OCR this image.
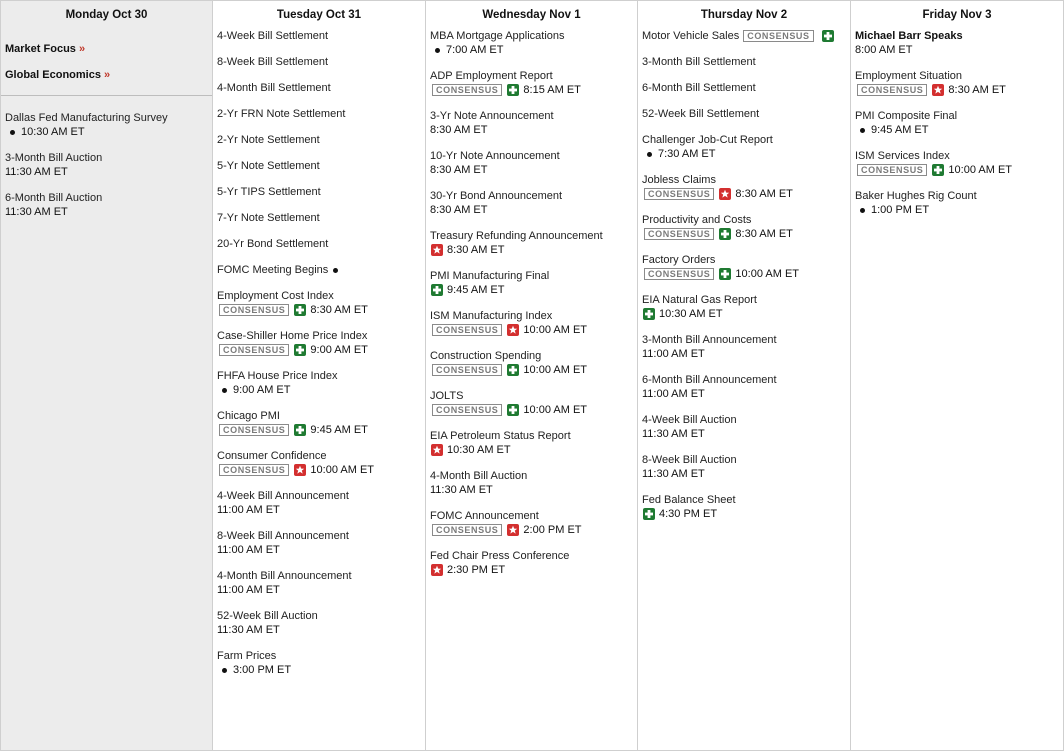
Monday Oct 30
Market Focus »
Global Economics »
Dallas Fed Manufacturing Survey
10:30 AM ET
3-Month Bill Auction
11:30 AM ET
6-Month Bill Auction
11:30 AM ET
Tuesday Oct 31
4-Week Bill Settlement
8-Week Bill Settlement
4-Month Bill Settlement
2-Yr FRN Note Settlement
2-Yr Note Settlement
5-Yr Note Settlement
5-Yr TIPS Settlement
7-Yr Note Settlement
20-Yr Bond Settlement
FOMC Meeting Begins
Employment Cost Index
CONSENSUS	8:30 AM ET
Case-Shiller Home Price Index
CONSENSUS	9:00 AM ET
FHFA House Price Index
9:00 AM ET
Chicago PMI
CONSENSUS	9:45 AM ET
Consumer Confidence
CONSENSUS	10:00 AM ET
4-Week Bill Announcement
11:00 AM ET
8-Week Bill Announcement
11:00 AM ET
4-Month Bill Announcement
11:00 AM ET
52-Week Bill Auction
11:30 AM ET
Farm Prices
3:00 PM ET
Wednesday Nov 1
MBA Mortgage Applications
7:00 AM ET
ADP Employment Report
CONSENSUS	8:15 AM ET
3-Yr Note Announcement
8:30 AM ET
10-Yr Note Announcement
8:30 AM ET
30-Yr Bond Announcement
8:30 AM ET
Treasury Refunding Announcement
8:30 AM ET
PMI Manufacturing Final
9:45 AM ET
ISM Manufacturing Index
CONSENSUS	10:00 AM ET
Construction Spending
CONSENSUS	10:00 AM ET
JOLTS
CONSENSUS	10:00 AM ET
EIA Petroleum Status Report
10:30 AM ET
4-Month Bill Auction
11:30 AM ET
FOMC Announcement
CONSENSUS	2:00 PM ET
Fed Chair Press Conference
2:30 PM ET
Thursday Nov 2
Motor Vehicle Sales CONSENSUS
3-Month Bill Settlement
6-Month Bill Settlement
52-Week Bill Settlement
Challenger Job-Cut Report
7:30 AM ET
Jobless Claims
CONSENSUS	8:30 AM ET
Productivity and Costs
CONSENSUS	8:30 AM ET
Factory Orders
CONSENSUS	10:00 AM ET
EIA Natural Gas Report
10:30 AM ET
3-Month Bill Announcement
11:00 AM ET
6-Month Bill Announcement
11:00 AM ET
4-Week Bill Auction
11:30 AM ET
8-Week Bill Auction
11:30 AM ET
Fed Balance Sheet
4:30 PM ET
Friday Nov 3
Michael Barr Speaks
8:00 AM ET
Employment Situation
CONSENSUS	8:30 AM ET
PMI Composite Final
9:45 AM ET
ISM Services Index
CONSENSUS	10:00 AM ET
Baker Hughes Rig Count
1:00 PM ET
